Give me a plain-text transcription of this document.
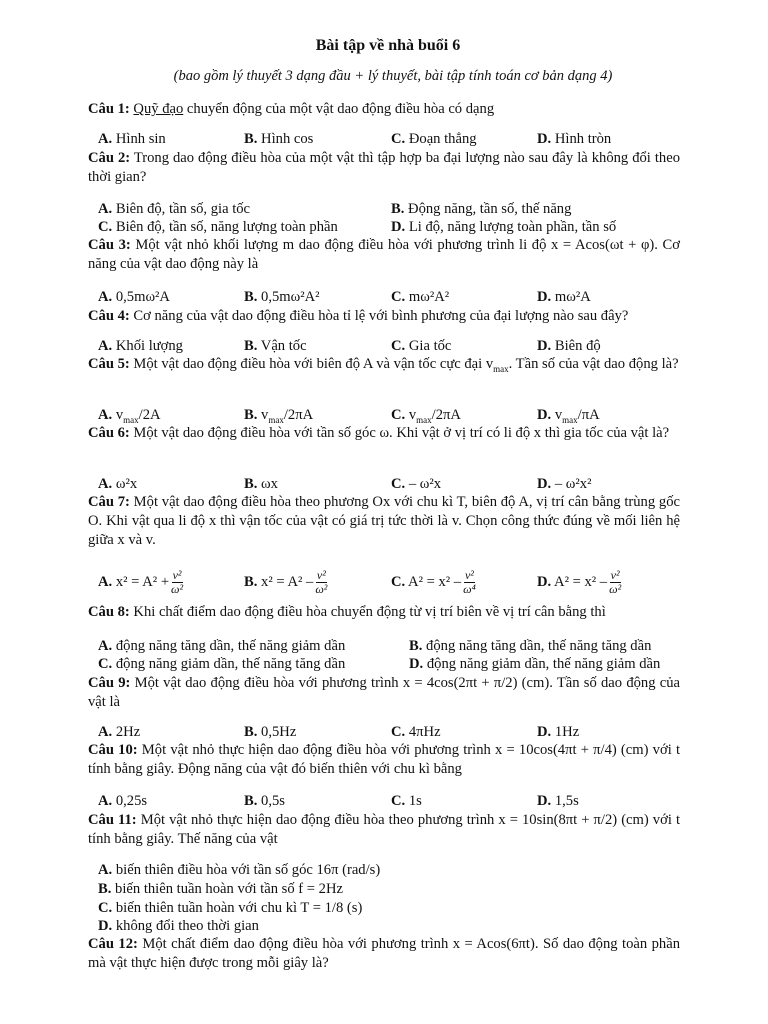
Bài tập về nhà buổi 6
(bao gồm lý thuyết 3 dạng đầu + lý thuyết, bài tập tính toán cơ bản dạng 4)
Câu 1: Quỹ đạo chuyển động của một vật dao động điều hòa có dạng
A. Hình sin	B. Hình cos	C. Đoạn thẳng	D. Hình tròn
Câu 2: Trong dao động điều hòa của một vật thì tập hợp ba đại lượng nào sau đây là không đổi theo thời gian?
A. Biên độ, tần số, gia tốc	B. Động năng, tần số, thế năng
C. Biên độ, tần số, năng lượng toàn phần	D. Li độ, năng lượng toàn phần, tần số
Câu 3: Một vật nhỏ khối lượng m dao động điều hòa với phương trình li độ x = Acos(ωt + φ). Cơ năng của vật dao động này là
A. 0,5mω²A	B. 0,5mω²A²	C. mω²A²	D. mω²A
Câu 4: Cơ năng của vật dao động điều hòa tỉ lệ với bình phương của đại lượng nào sau đây?
A. Khối lượng	B. Vận tốc	C. Gia tốc	D. Biên độ
Câu 5: Một vật dao động điều hòa với biên độ A và vận tốc cực đại $v_{max}$. Tần số của vật dao động là?
A. $v_{max}/2A$	B. $v_{max}/2\pi A$	C. $v_{max}/2\pi A$	D. $v_{max}/\pi A$
Câu 6: Một vật dao động điều hòa với tần số góc ω. Khi vật ở vị trí có li độ x thì gia tốc của vật là?
A. ω²x	B. ωx	C. – ω²x	D. – ω²x²
Câu 7: Một vật dao động điều hòa theo phương Ox với chu kì T, biên độ A, vị trí cân bằng trùng gốc O. Khi vật qua li độ x thì vận tốc của vật có giá trị tức thời là v. Chọn công thức đúng về mối liên hệ giữa x và v.
A. $x^2 = A^2 + \frac{\text{v²}}{\text{ω²}}$	B. $x^2 = A^2 - \frac{\text{v²}}{\text{ω²}}$	C. $A^2 = x^2 - \frac{\text{v²}}{\text{ω⁴}}$	D. $A^2 = x^2 - \frac{\text{v²}}{\text{ω²}}$
Câu 8: Khi chất điểm dao động điều hòa chuyển động từ vị trí biên về vị trí cân bằng thì
A. động năng tăng dần, thế năng giảm dần	B. động năng tăng dần, thế năng tăng dần
C. động năng giảm dần, thế năng tăng dần	D. động năng giảm dần, thế năng giảm dần
Câu 9: Một vật dao động điều hòa với phương trình x = 4cos(2πt + π/2) (cm). Tần số dao động của vật là
A. 2Hz	B. 0,5Hz	C. 4πHz	D. 1Hz
Câu 10: Một vật nhỏ thực hiện dao động điều hòa với phương trình x = 10cos(4πt + π/4) (cm) với t tính bằng giây. Động năng của vật đó biến thiên với chu kì bằng
A. 0,25s	B. 0,5s	C. 1s	D. 1,5s
Câu 11: Một vật nhỏ thực hiện dao động điều hòa theo phương trình x = 10sin(8πt + π/2) (cm) với t tính bằng giây. Thế năng của vật
A. biến thiên điều hòa với tần số góc 16π (rad/s)
B. biến thiên tuần hoàn với tần số f = 2Hz
C. biến thiên tuần hoàn với chu kì T = 1/8 (s)
D. không đổi theo thời gian
Câu 12: Một chất điểm dao động điều hòa với phương trình x = Acos(6πt). Số dao động toàn phần mà vật thực hiện được trong mỗi giây là?
